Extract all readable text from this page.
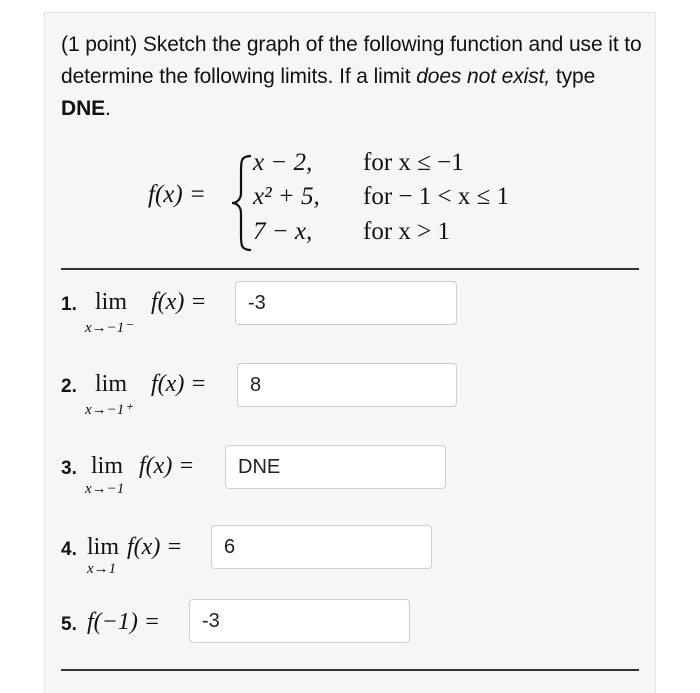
(1 point) Sketch the graph of the following function and use it to determine the following limits. If a limit does not exist, type DNE.
f(x) =
x − 2, for x ≤ −1
x² + 5, for − 1 < x ≤ 1
7 − x, for x > 1
1. lim f(x) =
x→−1⁻
-3
2. lim f(x) =
x→−1⁺
8
3. lim f(x) =
x→−1
DNE
4. lim f(x) =
x→1
6
5. f(−1) =	-3
